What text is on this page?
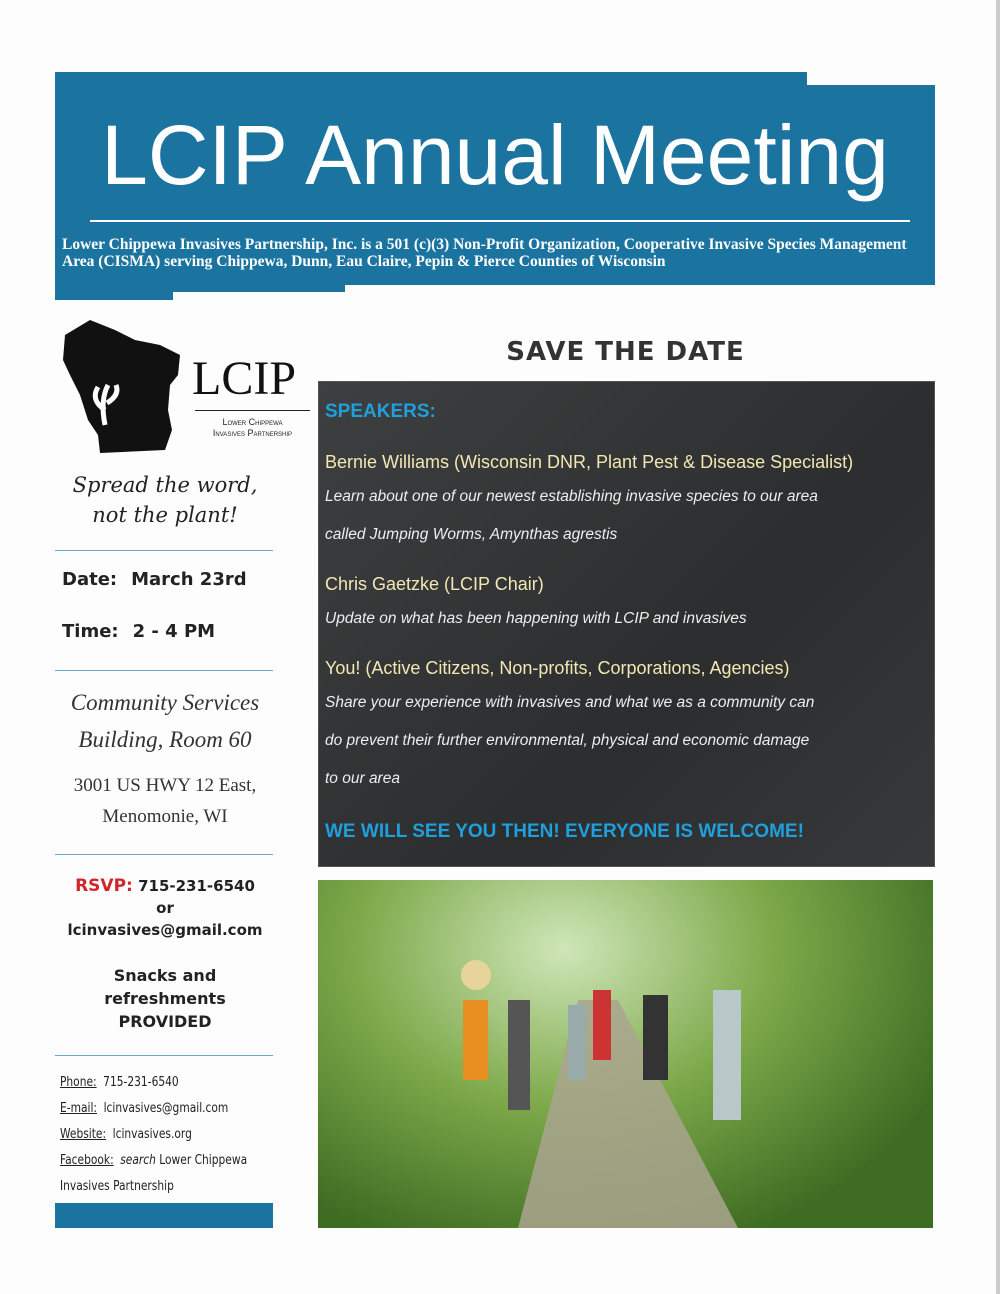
LCIP Annual Meeting
Lower Chippewa Invasives Partnership, Inc. is a 501 (c)(3) Non-Profit Organization, Cooperative Invasive Species Management Area (CISMA) serving Chippewa, Dunn, Eau Claire, Pepin & Pierce Counties of Wisconsin
LCIP
Lower Chippewa
Invasives Partnership
Spread the word,
not the plant!
Date: March 23rd
Time: 2 - 4 PM
Community Services
Building, Room 60
3001 US HWY 12 East,
Menomonie, WI
RSVP: 715-231-6540
or
lcinvasives@gmail.com
Snacks and
refreshments
PROVIDED
Phone: 715-231-6540
E-mail: lcinvasives@gmail.com
Website: lcinvasives.org
Facebook: search Lower Chippewa
Invasives Partnership
SAVE THE DATE
SPEAKERS:
Bernie Williams (Wisconsin DNR, Plant Pest & Disease Specialist)
Learn about one of our newest establishing invasive species to our area
called Jumping Worms, Amynthas agrestis
Chris Gaetzke (LCIP Chair)
Update on what has been happening with LCIP and invasives
You! (Active Citizens, Non-profits, Corporations, Agencies)
Share your experience with invasives and what we as a community can
do prevent their further environmental, physical and economic damage
to our area
WE WILL SEE YOU THEN! EVERYONE IS WELCOME!
